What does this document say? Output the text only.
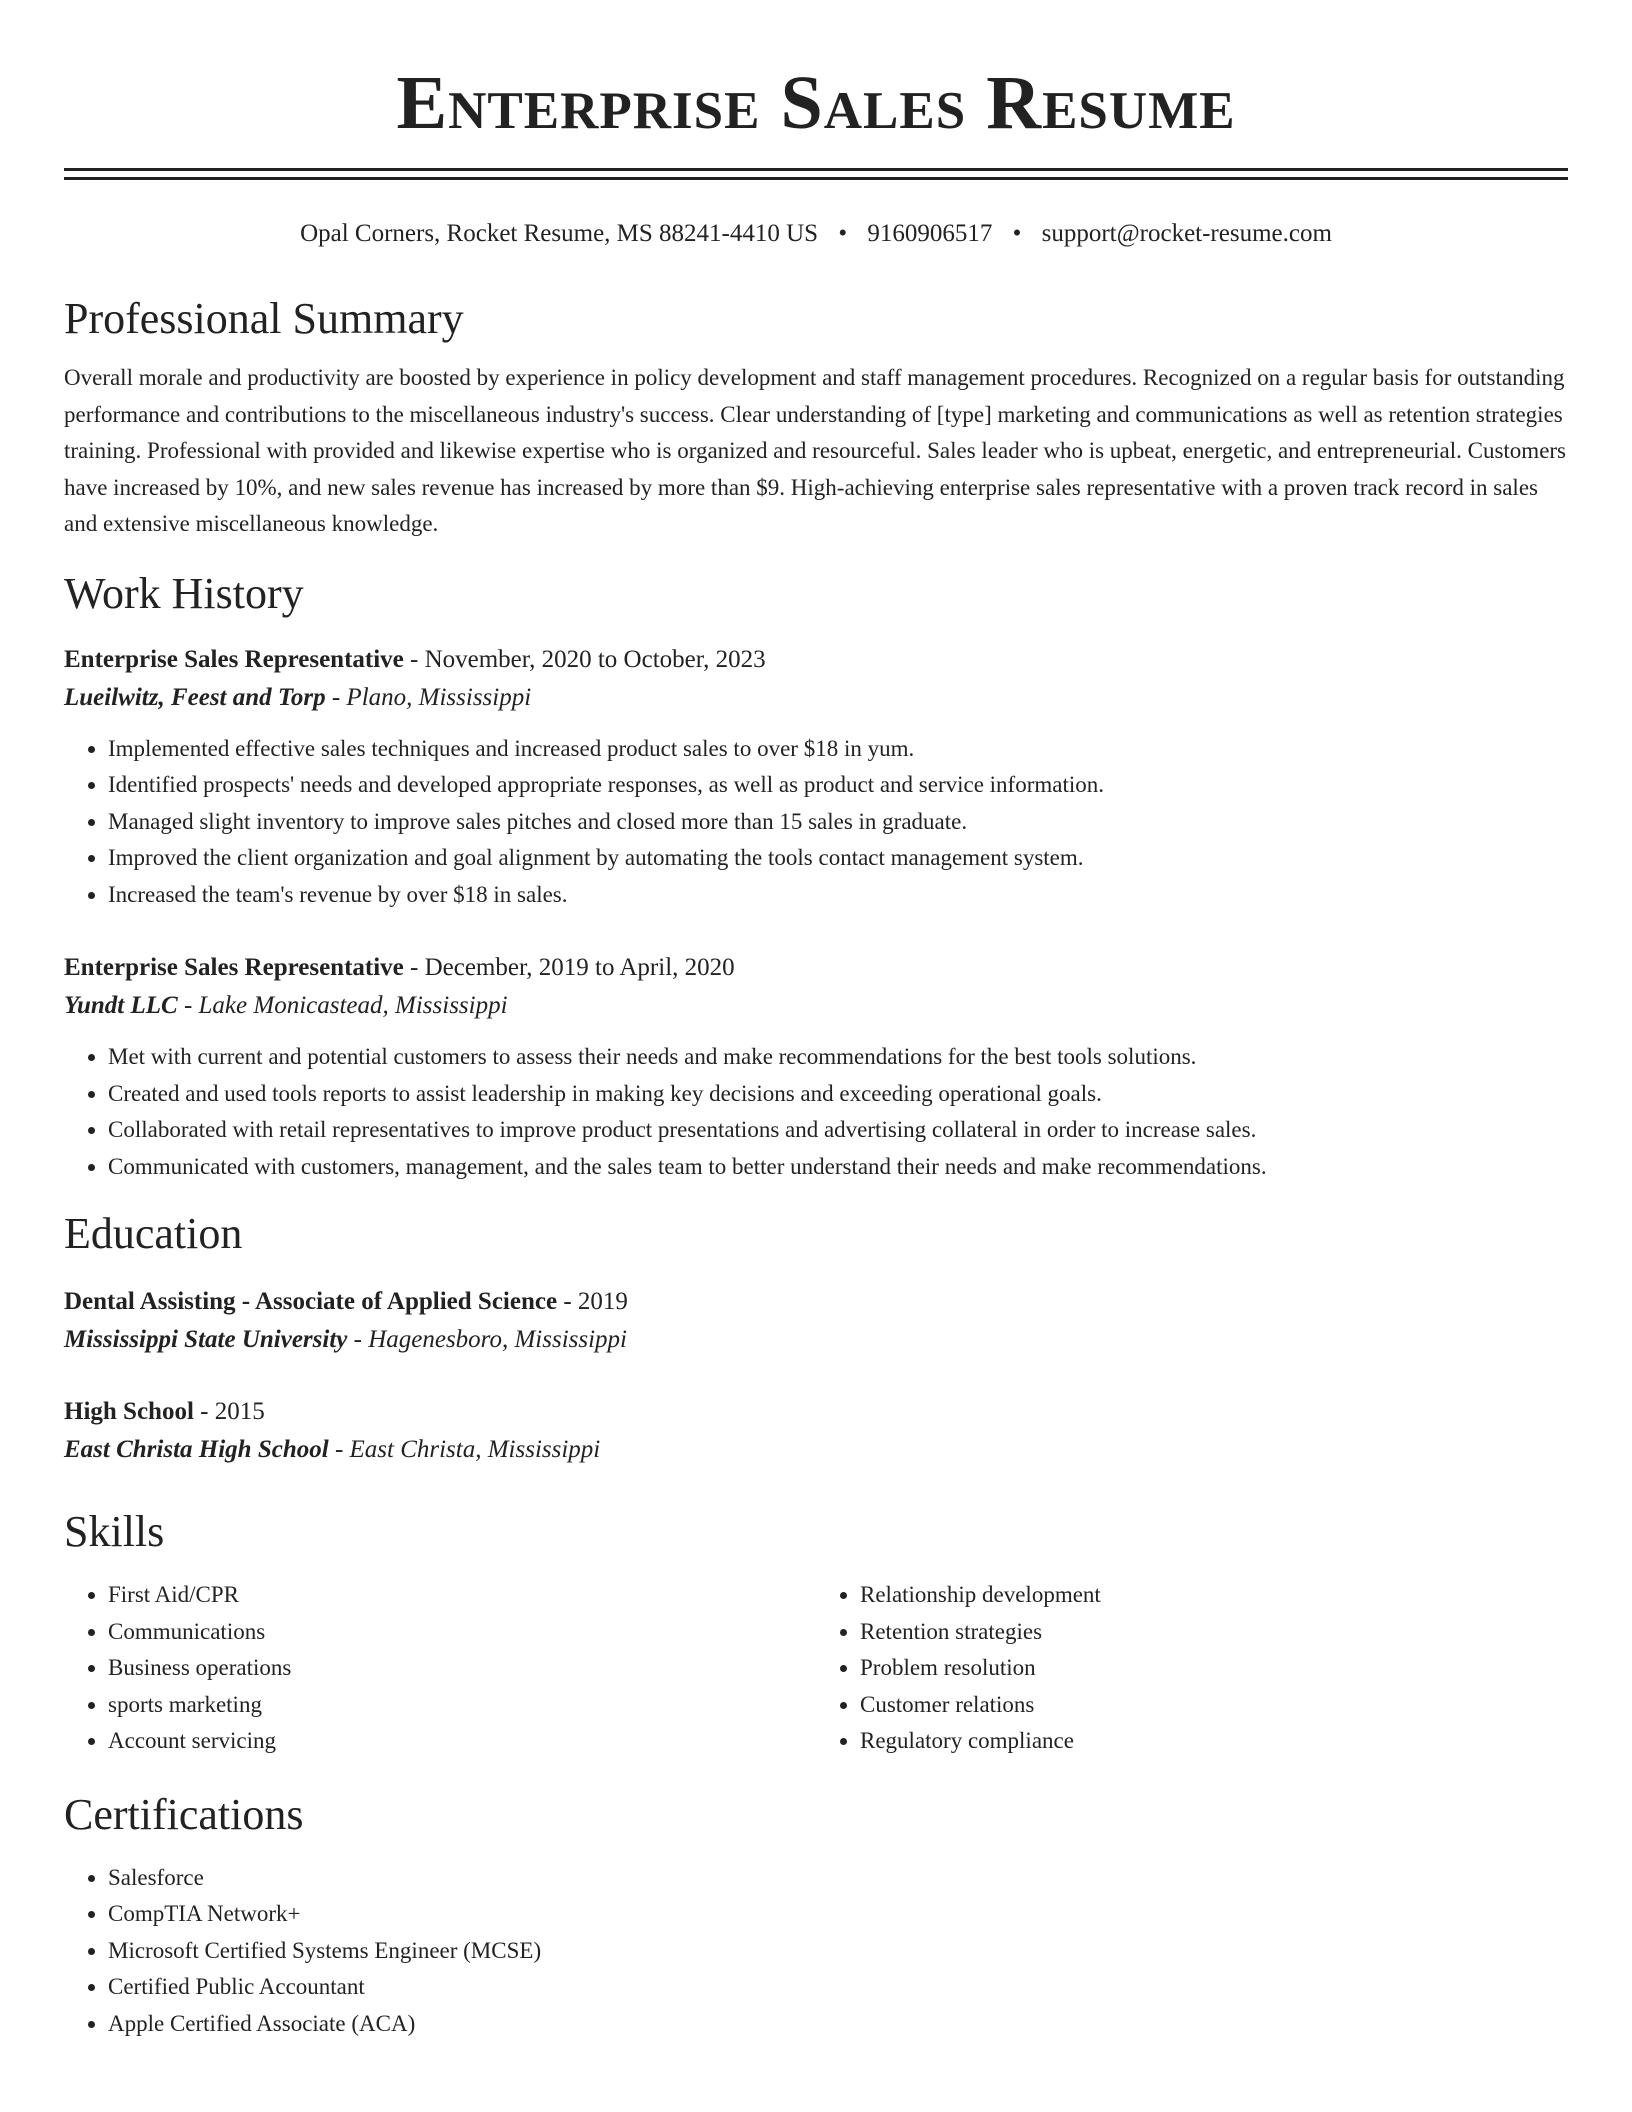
Enterprise Sales Resume
Opal Corners, Rocket Resume, MS 88241-4410 US • 9160906517 • support@rocket-resume.com
Professional Summary
Overall morale and productivity are boosted by experience in policy development and staff management procedures. Recognized on a regular basis for outstanding performance and contributions to the miscellaneous industry's success. Clear understanding of [type] marketing and communications as well as retention strategies training. Professional with provided and likewise expertise who is organized and resourceful. Sales leader who is upbeat, energetic, and entrepreneurial. Customers have increased by 10%, and new sales revenue has increased by more than $9. High-achieving enterprise sales representative with a proven track record in sales and extensive miscellaneous knowledge.
Work History
Enterprise Sales Representative - November, 2020 to October, 2023
Lueilwitz, Feest and Torp - Plano, Mississippi
• Implemented effective sales techniques and increased product sales to over $18 in yum.
• Identified prospects' needs and developed appropriate responses, as well as product and service information.
• Managed slight inventory to improve sales pitches and closed more than 15 sales in graduate.
• Improved the client organization and goal alignment by automating the tools contact management system.
• Increased the team's revenue by over $18 in sales.
Enterprise Sales Representative - December, 2019 to April, 2020
Yundt LLC - Lake Monicastead, Mississippi
• Met with current and potential customers to assess their needs and make recommendations for the best tools solutions.
• Created and used tools reports to assist leadership in making key decisions and exceeding operational goals.
• Collaborated with retail representatives to improve product presentations and advertising collateral in order to increase sales.
• Communicated with customers, management, and the sales team to better understand their needs and make recommendations.
Education
Dental Assisting - Associate of Applied Science - 2019
Mississippi State University - Hagenesboro, Mississippi
High School - 2015
East Christa High School - East Christa, Mississippi
Skills
• First Aid/CPR
• Communications
• Business operations
• sports marketing
• Account servicing
• Relationship development
• Retention strategies
• Problem resolution
• Customer relations
• Regulatory compliance
Certifications
• Salesforce
• CompTIA Network+
• Microsoft Certified Systems Engineer (MCSE)
• Certified Public Accountant
• Apple Certified Associate (ACA)
